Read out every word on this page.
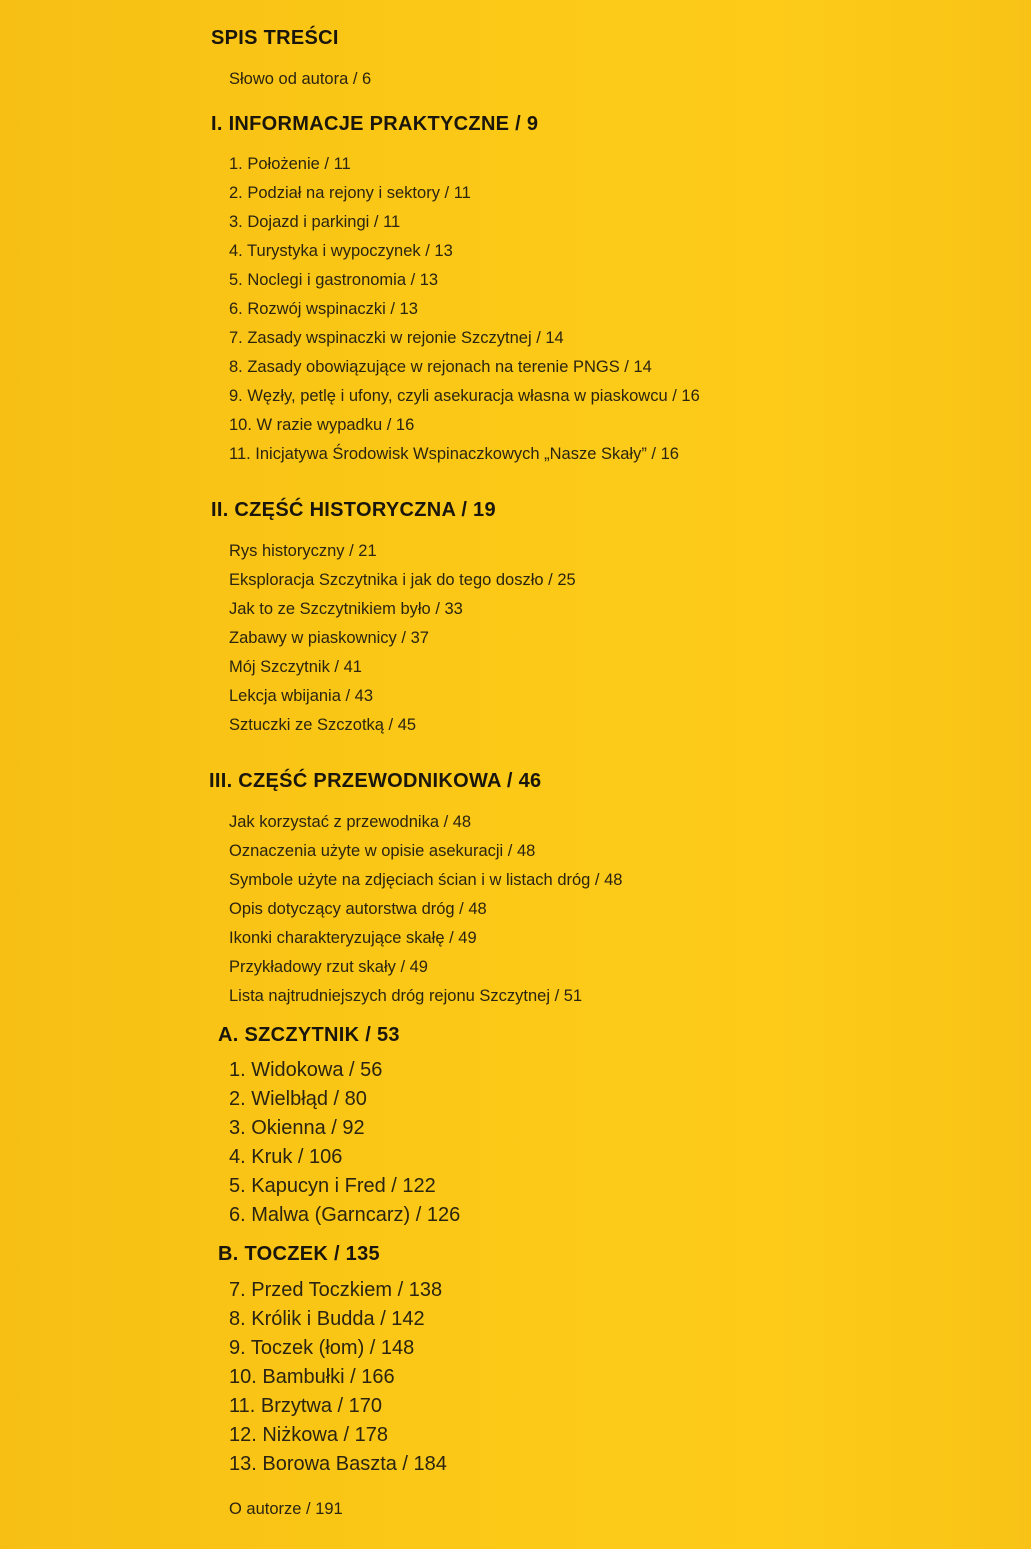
SPIS TREŚCI
Słowo od autora / 6
I. INFORMACJE PRAKTYCZNE / 9
1. Położenie / 11
2. Podział na rejony i sektory / 11
3. Dojazd i parkingi / 11
4. Turystyka i wypoczynek / 13
5. Noclegi i gastronomia / 13
6. Rozwój wspinaczki / 13
7. Zasady wspinaczki w rejonie Szczytnej / 14
8. Zasady obowiązujące w rejonach na terenie PNGS / 14
9. Węzły, petlę i ufony, czyli asekuracja własna w piaskowcu / 16
10. W razie wypadku / 16
11. Inicjatywa Środowisk Wspinaczkowych „Nasze Skały” / 16
II. CZĘŚĆ HISTORYCZNA / 19
Rys historyczny / 21
Eksploracja Szczytnika i jak do tego doszło / 25
Jak to ze Szczytnikiem było / 33
Zabawy w piaskownicy / 37
Mój Szczytnik / 41
Lekcja wbijania / 43
Sztuczki ze Szczotką / 45
III. CZĘŚĆ PRZEWODNIKOWA / 46
Jak korzystać z przewodnika / 48
Oznaczenia użyte w opisie asekuracji / 48
Symbole użyte na zdjęciach ścian i w listach dróg / 48
Opis dotyczący autorstwa dróg / 48
Ikonki charakteryzujące skałę / 49
Przykładowy rzut skały / 49
Lista najtrudniejszych dróg rejonu Szczytnej / 51
A. SZCZYTNIK / 53
1. Widokowa / 56
2. Wielbłąd / 80
3. Okienna / 92
4. Kruk / 106
5. Kapucyn i Fred / 122
6. Malwa (Garncarz) / 126
B. TOCZEK / 135
7. Przed Toczkiem / 138
8. Królik i Budda / 142
9. Toczek (łom) / 148
10. Bambułki / 166
11. Brzytwa / 170
12. Niżkowa / 178
13. Borowa Baszta / 184
O autorze / 191
